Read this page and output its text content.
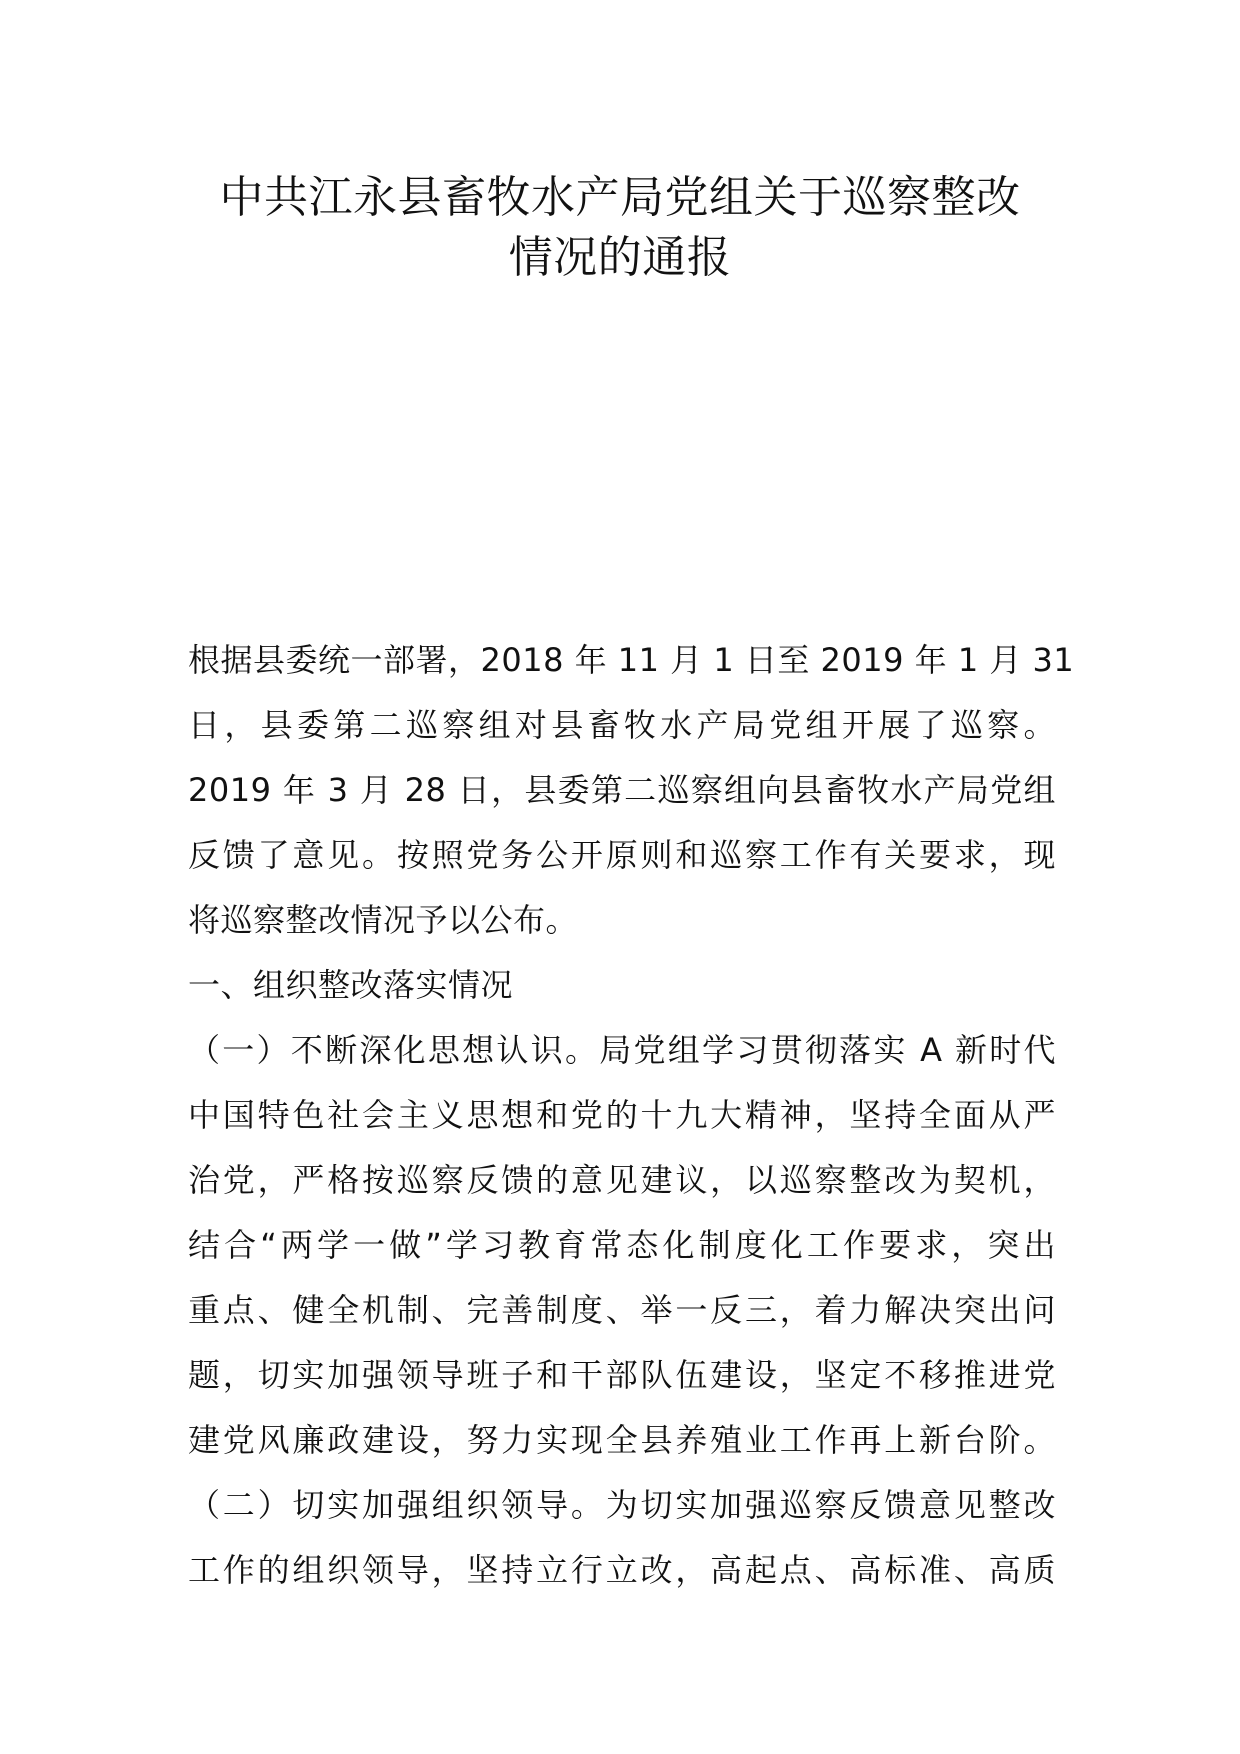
中共江永县畜牧水产局党组关于巡察整改
情况的通报
根据县委统一部署，2018 年 11 月 1 日至 2019 年 1 月 31
日，县委第二巡察组对县畜牧水产局党组开展了巡察。
2019 年 3 月 28 日，县委第二巡察组向县畜牧水产局党组
反馈了意见。按照党务公开原则和巡察工作有关要求，现
将巡察整改情况予以公布。
一、组织整改落实情况
（一）不断深化思想认识。局党组学习贯彻落实 A 新时代
中国特色社会主义思想和党的十九大精神，坚持全面从严
治党，严格按巡察反馈的意见建议，以巡察整改为契机，
结合“两学一做”学习教育常态化制度化工作要求，突出
重点、健全机制、完善制度、举一反三，着力解决突出问
题，切实加强领导班子和干部队伍建设，坚定不移推进党
建党风廉政建设，努力实现全县养殖业工作再上新台阶。
（二）切实加强组织领导。为切实加强巡察反馈意见整改
工作的组织领导，坚持立行立改，高起点、高标准、高质
